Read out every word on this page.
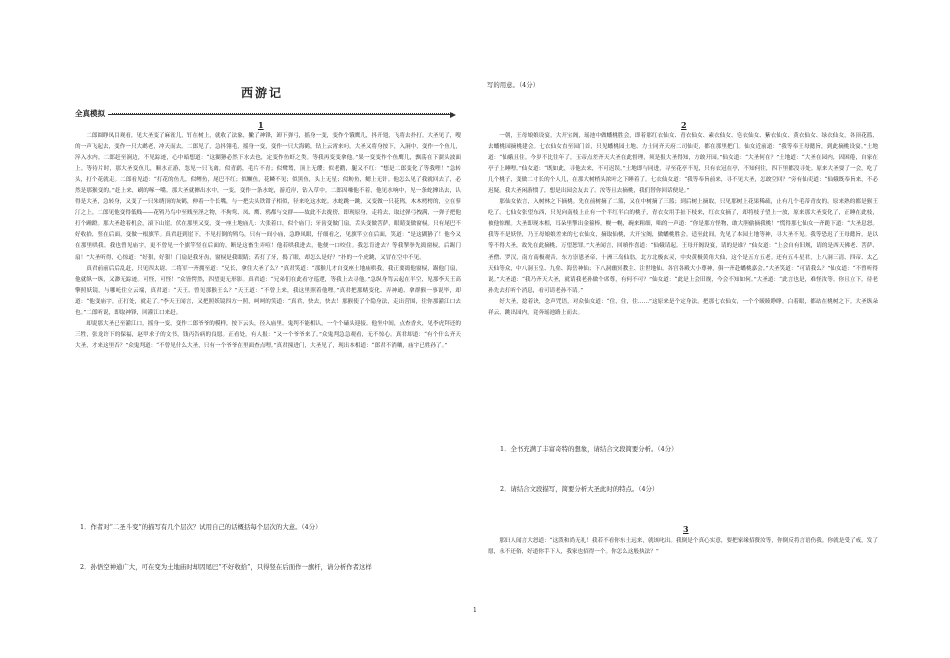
西游记
全真模拟
1
二郎圆睁凤目观看，见大圣变了麻雀儿，钉在树上，就收了法象，撇了神锋，卸下弹弓，摇身一变，变作个饿鹰儿，抖开翅，飞将去扑打。大圣见了，嗖的一声飞起去，变作一只大鹚老，冲天而去。二郎见了，急抖翎毛，摇身一变，变作一只大海鹤，钻上云霄来叼。大圣又将身按下，入涧中，变作一个鱼儿，淬入水内。二郎赶至涧边，不见踪迹，心中暗想道：“这猢狲必然下水去也，定变作鱼虾之类。等我再变变拿他。”果一变变作个鱼鹰儿，飘荡在下溜头波面上。等待片时，那大圣变鱼儿，顺水正游，忽见一只飞禽，似青鹞，毛片不青；似鹭鸶，顶上无缨；似老鹳，腿又不红：“想是二郎变化了等我哩！”急转头，打个花就走。二郎看见道：“打花的鱼儿，似鲤鱼，尾巴不红；似鳜鱼，花鳞不见；似黑鱼，头上无星；似鲂鱼，鳃上无针。他怎么见了我就回去了，必然是那猴变的。”赶上来，刷的啄一嘴。那大圣就撺出水中，一变，变作一条水蛇，游近岸，钻入草中。二郎因嗛他不着，他见水响中，见一条蛇撺出去，认得是大圣，急转身，又变了一只朱绣顶的灰鹤，伸着一个长嘴，与一把尖头铁钳子相似，径来吃这水蛇。水蛇跳一跳，又变做一只花鸨，木木樗樗的，立在蓼汀之上。二郎见他变得低贱——花鸨乃鸟中至贱至淫之物，不拘鸾、凤、鹰、鸦都与交群——故此不去拢傍，即现原身，走将去，取过弹弓拽满，一弹子把他打个踵蹬。那大圣趁着机会，滚下山崖，伏在那里又变，变一座土地庙儿：大张着口，似个庙门；牙齿变做门扇，舌头变做菩萨，眼睛变做窗棂。只有尾巴不好收拾，竖在后面，变做一根旗竿。真君赶到崖下，不见打倒的鸨鸟，只有一间小庙，急睁凤眼，仔细看之，见旗竿立在后面，笑道：“是这猢狲了！他今又在那里哄我。我也曾见庙宇，更不曾见一个旗竿竖在后面的。断是这畜生弄喧！他若哄我进去，他便一口咬住。我怎肯进去？等我掣拳先捣窗棂，后踢门扇！”大圣听得，心惊道：“好狠，好狠！门扇是我牙齿，窗棂是我眼睛；若打了牙，捣了眼，却怎么是好？”扑的一个虎跳，又冒在空中不见。
　　真君前前后后乱赶，只见四太尉、二将军一齐拥至道：“兄长，拿住大圣了么？”真君笑道：“那猴儿才自变座土地庙哄我，我正要捣他窗棂，踢他门扇，他就纵一纵，又渺无踪迹。可怪，可怪！”众皆愕然，四望更无形影。真君道：“兄弟们在此看守巡逻，等我上去寻他。”急纵身驾云起在半空，见那李天王高擎照妖镜，与哪吒住立云端，真君道：“天王，曾见那猴王么？”天王道：“不曾上来，我这里照着他哩。”真君把那赌变化、弄神通、拿群猴一事说毕，却道：“他变庙宇，正打处，就走了。”李天王闻言，又把照妖镜四方一照，呵呵的笑道：“真君，快去，快去！那猴使了个隐身法，走出营围，往你那灌江口去也。”二郎听说，即取神锋，回灌江口来赶。
　　却说那大圣已至灌江口，摇身一变，变作二郎爷爷的模样，按下云头，径入庙里。鬼判不能相认，一个个磕头迎接。他坐中间，点查香火，见李虎拜还的三牲，张龙许下的保福，赵甲求子的文书，钱丙告病的良愿。正看处，有人报：“又一个爷爷来了。”众鬼判急急观看，无不惊心。真君却道：“有个什么齐天大圣，才来这里否？”众鬼判道：“不曾见什么大圣，只有一个爷爷在里面查点哩。”真君撞进门，大圣见了，现出本相道：“郎君不消嚷，庙宇已姓孙了。”
1．作者对“二圣斗变”的描写有几个层次？试用自己的话概括每个层次的大意。（4分）
2．孙悟空神通广大，可在变为土地庙时却因尾巴“不好收拾”，只得竖在后面作一旗杆，请分析作者这样
写的用意。（4分）
2
一朝，王母娘娘设宴，大开宝阁，瑶池中做蟠桃胜会，即着那红衣仙女、青衣仙女、素衣仙女、皂衣仙女、紫衣仙女、黄衣仙女、绿衣仙女，各顶花篮，去蟠桃园摘桃建会。七衣仙女直至园门首，只见蟠桃园土地、力士同齐天府二司仙吏，都在那里把门。仙女近前道：“我等奉王母懿旨，到此摘桃设宴。”土地道：“仙娥且住。今岁不比往年了，玉帝点差齐天大圣在此督理，须是报大圣得知，方敢开园。”仙女道：“大圣何在？”土地道：“大圣在园内，因困倦，自家在亭子上睡哩。”仙女道：“既如此，寻他去来，不可迟误。”土地即与同进，寻至花亭不见，只有衣冠在亭，不知何往，四下里都没寻处。原来大圣耍了一会，吃了几个桃子，变做二寸长的个人儿，在那大树梢头浓叶之下睡着了。七衣仙女道：“我等奉旨前来，寻不见大圣，怎敢空回？”旁有仙吏道：“仙娥既奉旨来，不必迟疑。我大圣闲游惯了，想是出园会友去了。汝等且去摘桃，我们替你回话便是。”
　　那仙女依言，入树林之下摘桃。先在前树摘了二篮，又在中树摘了三篮；到后树上摘取，只见那树上花果稀疏，止有几个毛蒂青皮的。原来熟的都是猴王吃了。七仙女张望东西，只见向南枝上止有一个半红半白的桃子，青衣女用手扯下枝来，红衣女摘了，却将枝子望上一放，原来那大圣变化了，正睡在此枝，被他惊醒。大圣即现本相，耳朵里掣出金箍棒，幌一幌，碗来粗细，咄的一声道：“你是那方怪物，敢大胆偷摘我桃！”慌得那七仙女一齐跪下道：“大圣息怒。我等不是妖怪，乃王母娘娘差来的七衣仙女，摘取仙桃，大开宝阁，做蟠桃胜会。适至此间，先见了本园土地等神，寻大圣不见。我等恐迟了王母懿旨，是以等不得大圣，故先在此摘桃，万望恕罪。”大圣闻言，回嗔作喜道：“仙娥请起。王母开阁设宴，请的是谁？”仙女道：“上会自有旧规，请的是西天佛老、菩萨、圣僧、罗汉，南方南极观音，东方崇恩圣帝，十洲三岛仙翁，北方北极玄灵，中央黄极黄角大仙，这个是五方五老。还有五斗星君，上八洞三清、四帝、太乙天仙等众，中八洞玉皇、九垒、海岳神仙；下八洞幽冥教主、注世地仙。各宫各殿大小尊神，俱一齐赴蟠桃嘉会。”大圣笑道：“可请我么？”仙女道：“不曾听得说。”大圣道：“我乃齐天大圣，就请我老孙做个席尊，有何不可？”仙女道：“此是上会旧规，今会不知如何。”大圣道：“此言也是，难怪汝等。你且立下，待老孙先去打听个消息，看可请老孙不请。”
　　好大圣，捻着诀，念声咒语，对众仙女道：“住，住，住……”这原来是个定身法，把那七衣仙女，一个个睖睖睁睁，白着眼，都站在桃树之下。大圣纵朵祥云，跳出园内，竟奔瑶池路上而去。
1．全书充满了丰富奇特的想象，请结合文段简要分析。（4分）
2．请结合文段描写，简要分析大圣此时的特点。（4分）
3
那妇人闻言大怒道：“这泼和尚无礼！我若不看你东土远来，就该叱出。我倒是个真心实意，要把家缘招赘汝等，你倒反将言语伤我。你就是受了戒，发了愿，永不还俗，好道你手下人，我家也招得一个。你怎么这般执法？”
1
